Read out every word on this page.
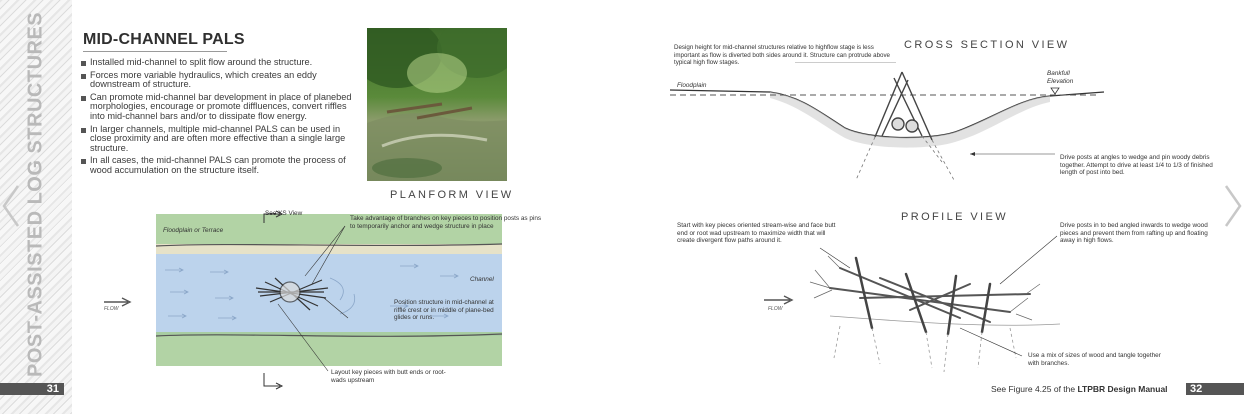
POST-ASSISTED LOG STRUCTURES
31
MID-CHANNEL PALS
Installed mid-channel to split flow around the structure.
Forces more variable hydraulics, which creates an eddy downstream of structure.
Can promote mid-channel bar development in place of planebed morphologies, encourage or promote diffluences, convert riffles into mid-channel bars and/or to dissipate flow energy.
In larger channels, multiple mid-channel PALS can be used in close proximity and are often more effective than a single large structure.
In all cases, the mid-channel PALS can promote the process of wood accumulation on the structure itself.
PLANFORM VIEW
Floodplain or Terrace
See XS View
Take advantage of branches on key pieces to position posts as pins to temporarily anchor and wedge structure in place
Channel
Position structure in mid-channel at riffle crest or in middle of plane-bed glides or runs.
Layout key pieces with butt ends or root-wads upstream
FLOW
Design height for mid-channel structures relative to highflow stage is less important as flow is diverted both sides around it. Structure can protrude above typical high flow stages.
CROSS SECTION VIEW
Floodplain
Bankfull
Elevation
Drive posts at angles to wedge and pin woody debris together. Attempt to drive at least 1/4 to 1/3 of finished length of post into bed.
PROFILE VIEW
Start with key pieces oriented stream-wise and face butt end or root wad upstream to maximize width that will create divergent flow paths around it.
Drive posts in to bed angled inwards to wedge wood pieces and prevent them from rafting up and floating away in high flows.
Use a mix of sizes of wood and tangle together with branches.
FLOW
See Figure 4.25 of the LTPBR Design Manual	32
